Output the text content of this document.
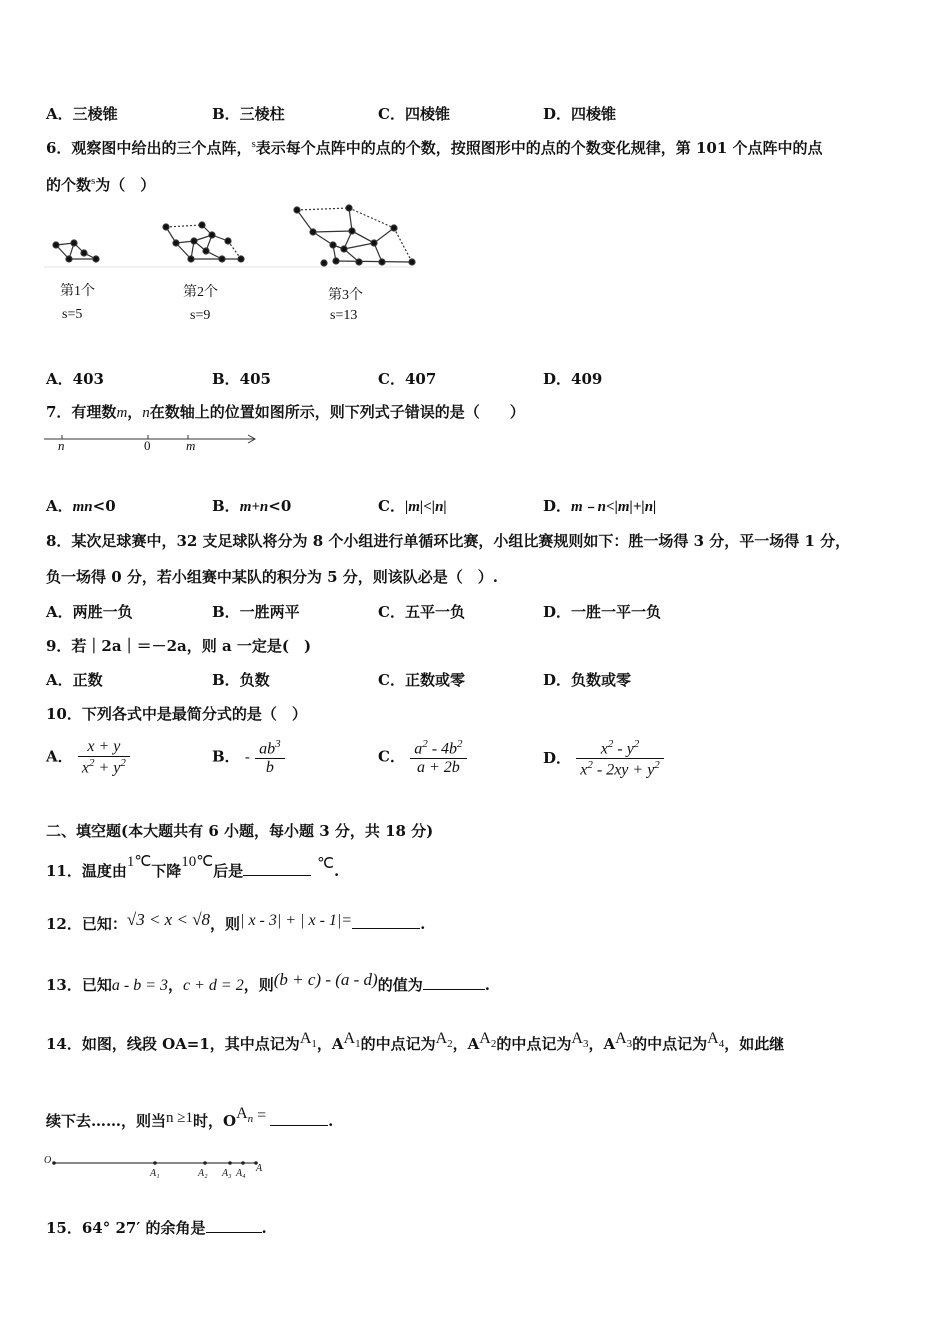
A．三棱锥	B．三棱柱	C．四棱锥	D．四棱锥
6．观察图中给出的三个点阵，$^s$表示每个点阵中的点的个数，按照图形中的点的个数变化规律，第 101 个点阵中的点
的个数$^s$为（　）
第1个
s=5
第2个
s=9
第3个
s=13
A．403	B．405	C．407	D．409
7．有理数m，n在数轴上的位置如图所示，则下列式子错误的是（　　）
n	0	m
A．mn<0	B．m+n<0	C．|m|<|n|	D．m﹣n<|m|+|n|
8．某次足球赛中，32 支足球队将分为 8 个小组进行单循环比赛，小组比赛规则如下：胜一场得 3 分，平一场得 1 分，
负一场得 0 分，若小组赛中某队的积分为 5 分，则该队必是（　）.
A．两胜一负	B．一胜两平	C．五平一负	D．一胜一平一负
9．若｜2a｜＝－2a，则 a 一定是(　)
A．正数	B．负数	C．正数或零	D．负数或零
10．下列各式中是最简分式的是（　）
A． $\frac{x + y}{x^2 + y^2}$	B． - $\frac{ab^3}{b}$	C． $\frac{a^2 - 4b^2}{a + 2b}$	D． $\frac{x^2 - y^2}{x^2 - 2xy + y^2}$
二、填空题(本大题共有 6 小题，每小题 3 分，共 18 分)
11．温度由1℃下降10℃后是	℃.
12．已知：√3 < x < √8，则| x - 3| + | x - 1|=	.
13．已知a - b = 3，c + d = 2，则(b + c) - (a - d)的值为	.
14．如图，线段 OA=1，其中点记为$A_1$，$AA_1$的中点记为$A_2$，$AA_2$的中点记为$A_3$，$AA_3$的中点记为$A_4$，如此继
续下去……，则当n ≥1时，$OA_n$ =	.
O
A
A₁	A₂ A₃ A₄
15．64° 27′ 的余角是	.
